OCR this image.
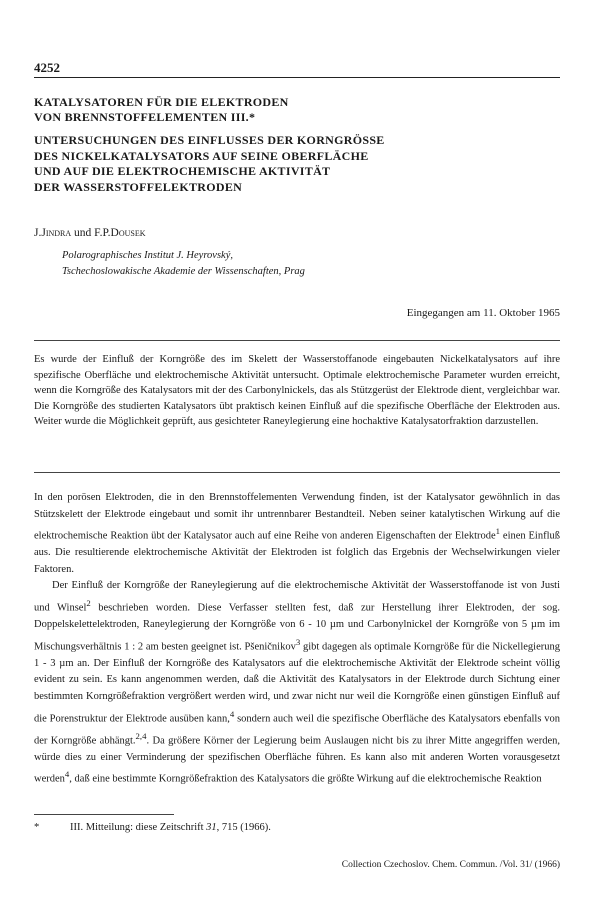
4252
KATALYSATOREN FÜR DIE ELEKTRODEN
VON BRENNSTOFFELEMENTEN III.*
UNTERSUCHUNGEN DES EINFLUSSES DER KORNGRÖSSE
DES NICKELKATALYSATORS AUF SEINE OBERFLÄCHE
UND AUF DIE ELEKTROCHEMISCHE AKTIVITÄT
DER WASSERSTOFFELEKTRODEN
J.Jindra und F.P.Dousek
Polarographisches Institut J. Heyrovský,
Tschechoslowakische Akademie der Wissenschaften, Prag
Eingegangen am 11. Oktober 1965
Es wurde der Einfluß der Korngröße des im Skelett der Wasserstoffanode eingebauten Nickelkatalysators auf ihre spezifische Oberfläche und elektrochemische Aktivität untersucht. Optimale elektrochemische Parameter wurden erreicht, wenn die Korngröße des Katalysators mit der des Carbonylnickels, das als Stützgerüst der Elektrode dient, vergleichbar war. Die Korngröße des studierten Katalysators übt praktisch keinen Einfluß auf die spezifische Oberfläche der Elektroden aus. Weiter wurde die Möglichkeit geprüft, aus gesichteter Raneylegierung eine hochaktive Katalysatorfraktion darzustellen.

In den porösen Elektroden, die in den Brennstoffelementen Verwendung finden, ist der Katalysator gewöhnlich in das Stützskelett der Elektrode eingebaut und somit ihr untrennbarer Bestandteil. Neben seiner katalytischen Wirkung auf die elektrochemische Reaktion übt der Katalysator auch auf eine Reihe von anderen Eigenschaften der Elektrode$^1$ einen Einfluß aus. Die resultierende elektrochemische Aktivität der Elektroden ist folglich das Ergebnis der Wechselwirkungen vieler Faktoren.

Der Einfluß der Korngröße der Raneylegierung auf die elektrochemische Aktivität der Wasserstoffanode ist von Justi und Winsel$^2$ beschrieben worden. Diese Verfasser stellten fest, daß zur Herstellung ihrer Elektroden, der sog. Doppelskelettelektroden, Raneylegierung der Korngröße von 6 - 10 µm und Carbonylnickel der Korngröße von 5 µm im Mischungsverhältnis 1 : 2 am besten geeignet ist. Pšeničnikov$^3$ gibt dagegen als optimale Korngröße für die Nickellegierung 1 - 3 µm an. Der Einfluß der Korngröße des Katalysators auf die elektrochemische Aktivität der Elektrode scheint völlig evident zu sein. Es kann angenommen werden, daß die Aktivität des Katalysators in der Elektrode durch Sichtung einer bestimmten Korngrößefraktion vergrößert werden wird, und zwar nicht nur weil die Korngröße einen günstigen Einfluß auf die Porenstruktur der Elektrode ausüben kann,$^4$ sondern auch weil die spezifische Oberfläche des Katalysators ebenfalls von der Korngröße abhängt.$^{2,4}$. Da größere Körner der Legierung beim Auslaugen nicht bis zu ihrer Mitte angegriffen werden, würde dies zu einer Verminderung der spezifischen Oberfläche führen. Es kann also mit anderen Worten vorausgesetzt werden$^4$, daß eine bestimmte Korngrößefraktion des Katalysators die größte Wirkung auf die elektrochemische Reaktion

*	III. Mitteilung: diese Zeitschrift 31, 715 (1966).
Collection Czechoslov. Chem. Commun. /Vol. 31/ (1966)
